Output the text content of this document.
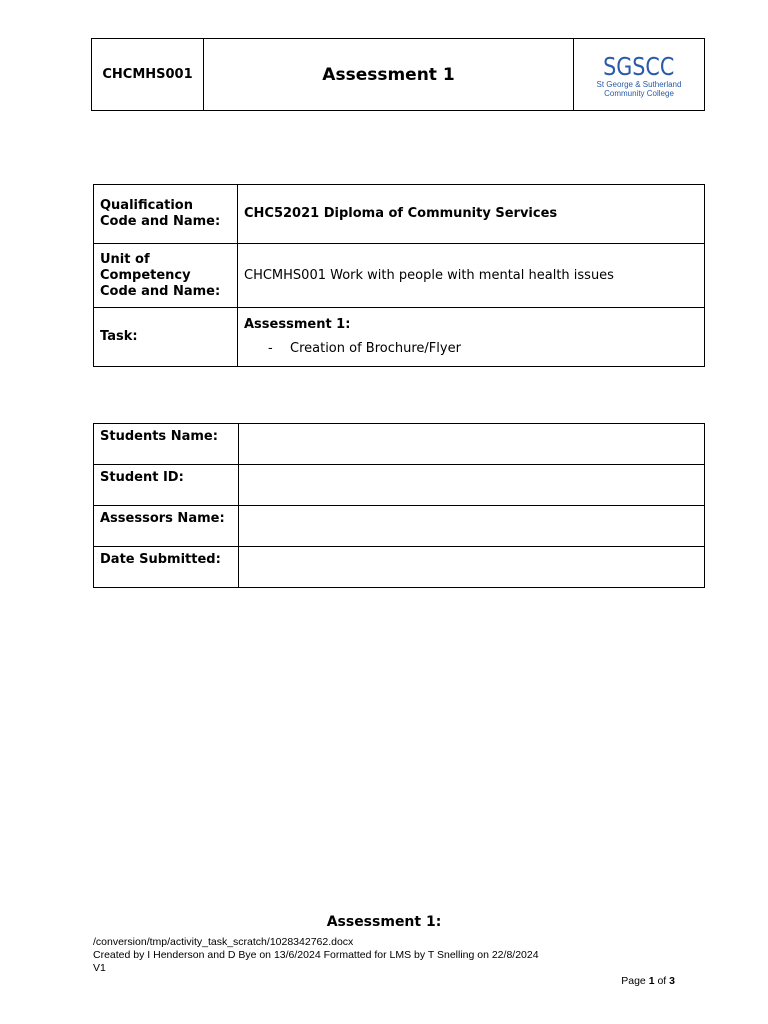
CHCMHS001	Assessment 1	SGSCC
St George & Sutherland
Community College
Qualification Code and Name:	CHC52021 Diploma of Community Services
Unit of Competency Code and Name:	CHCMHS001 Work with people with mental health issues
Task:	Assessment 1:
- Creation of Brochure/Flyer
Students Name:	
Student ID:	
Assessors Name:	
Date Submitted:	
Assessment 1:
/conversion/tmp/activity_task_scratch/1028342762.docx
Created by I Henderson and D Bye on 13/6/2024 Formatted for LMS by T Snelling on 22/8/2024
V1
Page 1 of 3
